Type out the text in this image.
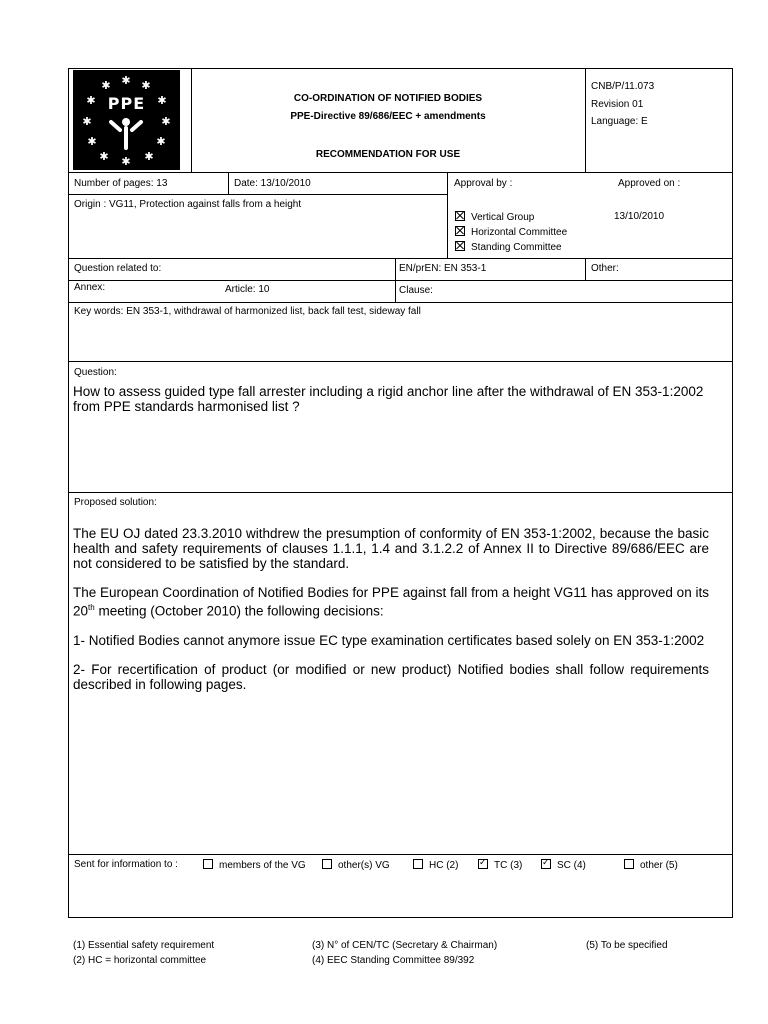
✱
✱	✱
✱	✱
✱	✱
✱	✱
✱	✱
✱
PPE	CO-ORDINATION OF NOTIFIED BODIES
PPE-Directive 89/686/EEC + amendments
RECOMMENDATION FOR USE
CNB/P/11.073
Revision 01
Language: E
Number of pages: 13	Date: 13/10/2010	Approval by :	Approved on :
Origin : VG11, Protection against falls from a height
Vertical Group	13/10/2010
Horizontal Committee
Standing Committee
Question related to:	EN/prEN: EN 353-1	Other:
Annex:	Article: 10	Clause:
Key words: EN 353-1, withdrawal of harmonized list, back fall test, sideway fall
Question:
How to assess guided type fall arrester including a rigid anchor line after the withdrawal of EN 353-1:2002 from PPE standards harmonised list ?
Proposed solution:

The EU OJ dated 23.3.2010 withdrew the presumption of conformity of EN 353-1:2002, because the basic health and safety requirements of clauses 1.1.1, 1.4 and 3.1.2.2 of Annex II to Directive 89/686/EEC are not considered to be satisfied by the standard.

The European Coordination of Notified Bodies for PPE against fall from a height VG11 has approved on its 20th meeting (October 2010) the following decisions:

1- Notified Bodies cannot anymore issue EC type examination certificates based solely on EN 353-1:2002

2- For recertification of product (or modified or new product) Notified bodies shall follow requirements described in following pages.

Sent for information to :	members of the VG	other(s) VG	HC (2) ✓	TC (3) ✓	SC (4)	other (5)
(1) Essential safety requirement
(2) HC = horizontal committee
(3) N° of CEN/TC (Secretary & Chairman)
(4) EEC Standing Committee 89/392
(5) To be specified
